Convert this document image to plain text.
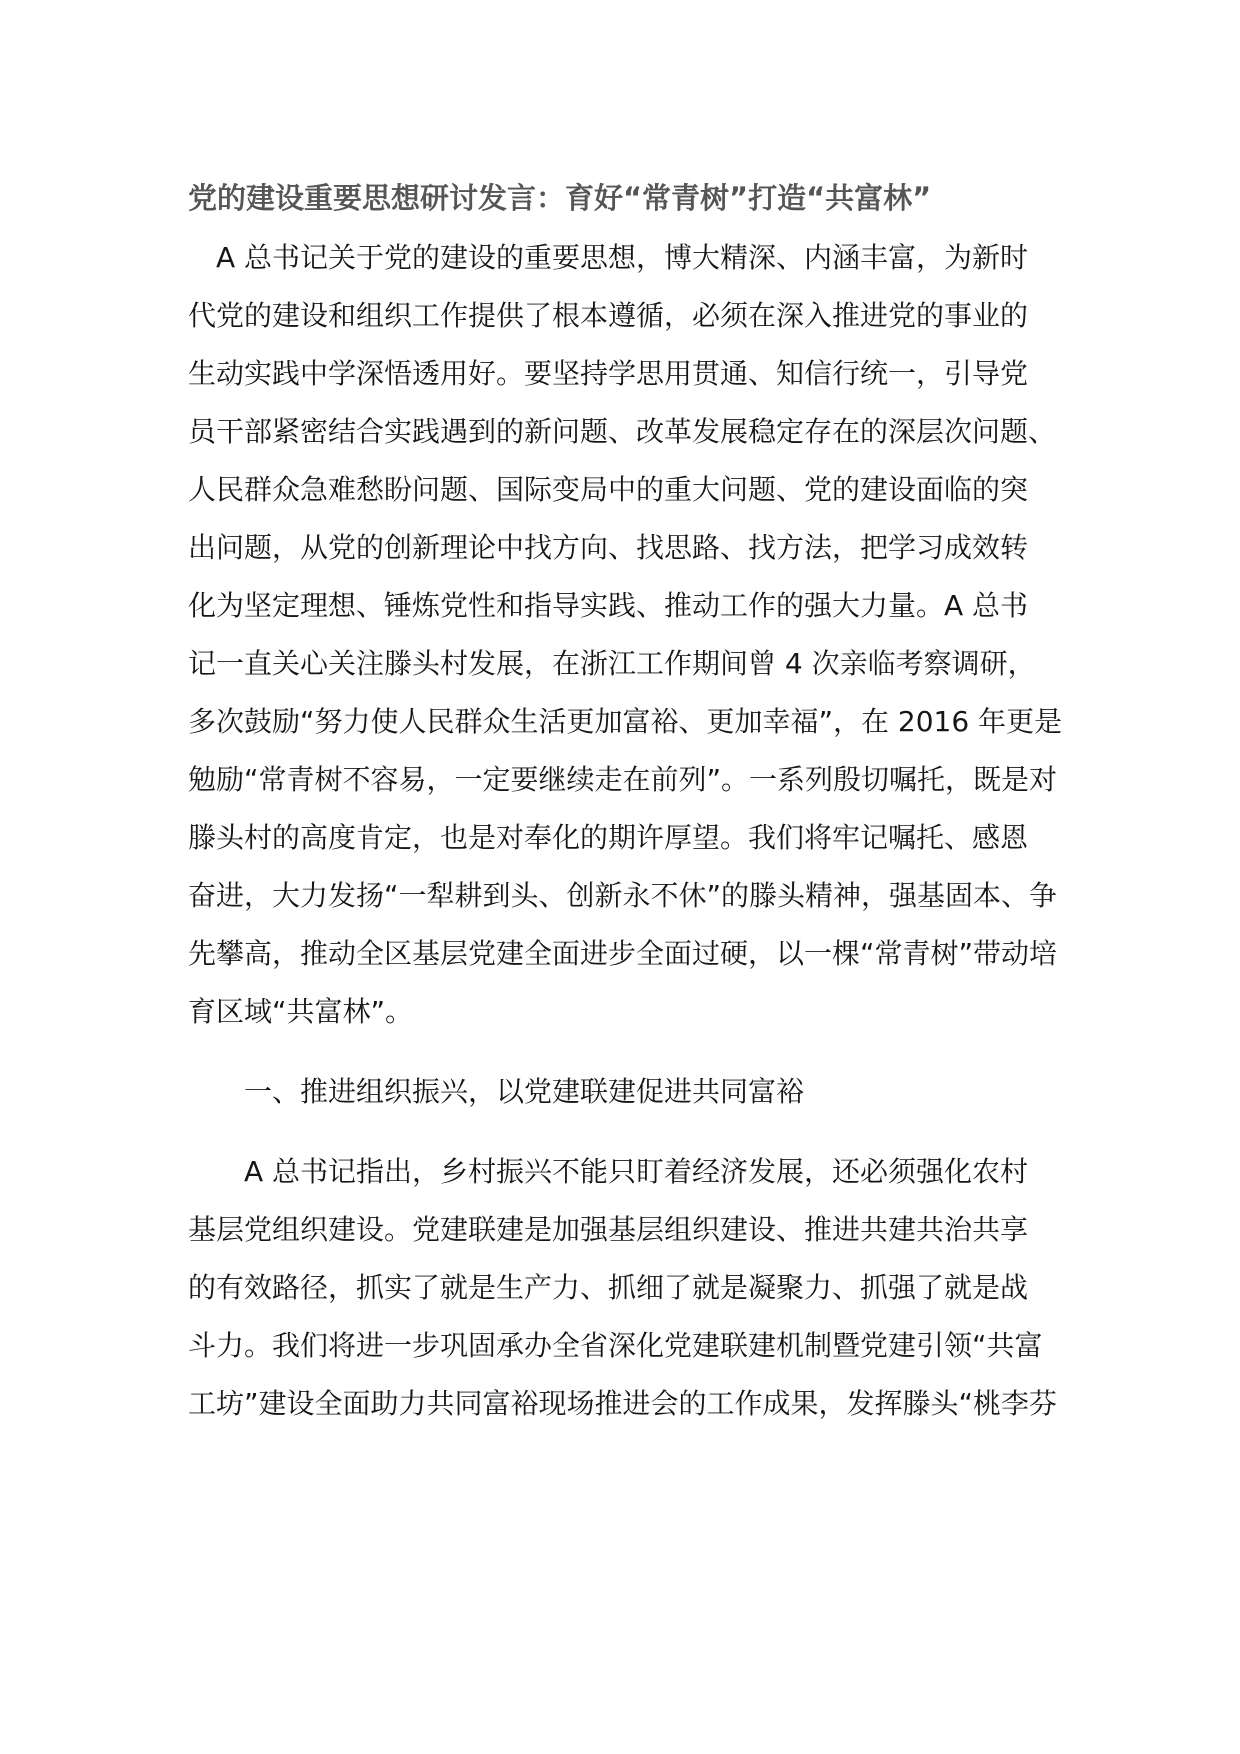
党的建设重要思想研讨发言：育好“常青树”打造“共富林”
A 总书记关于党的建设的重要思想，博大精深、内涵丰富，为新时
代党的建设和组织工作提供了根本遵循，必须在深入推进党的事业的
生动实践中学深悟透用好。要坚持学思用贯通、知信行统一，引导党
员干部紧密结合实践遇到的新问题、改革发展稳定存在的深层次问题、
人民群众急难愁盼问题、国际变局中的重大问题、党的建设面临的突
出问题，从党的创新理论中找方向、找思路、找方法，把学习成效转
化为坚定理想、锤炼党性和指导实践、推动工作的强大力量。A 总书
记一直关心关注滕头村发展，在浙江工作期间曾 4 次亲临考察调研，
多次鼓励“努力使人民群众生活更加富裕、更加幸福”，在 2016 年更是
勉励“常青树不容易，一定要继续走在前列”。一系列殷切嘱托，既是对
滕头村的高度肯定，也是对奉化的期许厚望。我们将牢记嘱托、感恩
奋进，大力发扬“一犁耕到头、创新永不休”的滕头精神，强基固本、争
先攀高，推动全区基层党建全面进步全面过硬，以一棵“常青树”带动培
育区域“共富林”。
一、推进组织振兴，以党建联建促进共同富裕
A 总书记指出，乡村振兴不能只盯着经济发展，还必须强化农村
基层党组织建设。党建联建是加强基层组织建设、推进共建共治共享
的有效路径，抓实了就是生产力、抓细了就是凝聚力、抓强了就是战
斗力。我们将进一步巩固承办全省深化党建联建机制暨党建引领“共富
工坊”建设全面助力共同富裕现场推进会的工作成果，发挥滕头“桃李芬
